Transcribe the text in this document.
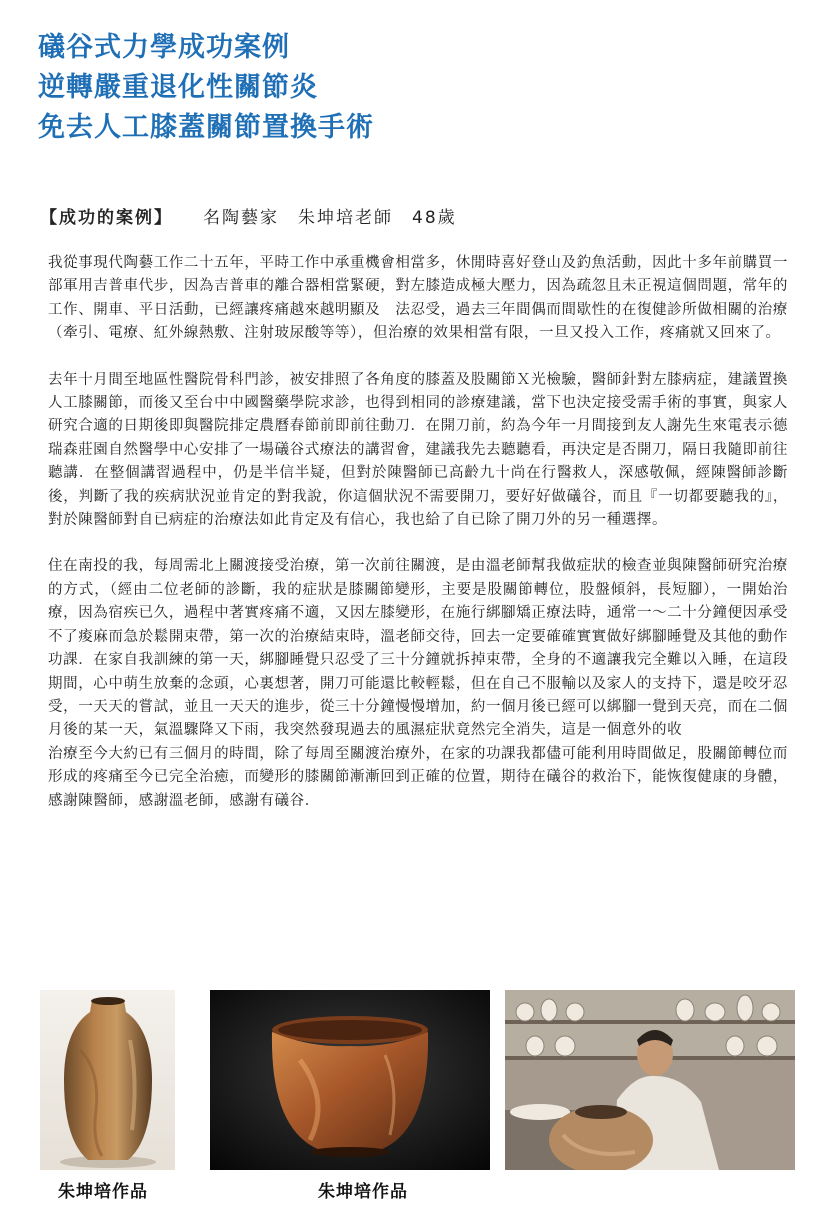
礒谷式力學成功案例
逆轉嚴重退化性關節炎
免去人工膝蓋關節置換手術
【成功的案例】 名陶藝家　朱坤培老師　48歲

我從事現代陶藝工作二十五年，平時工作中承重機會相當多，休閒時喜好登山及釣魚活動，因此十多年前購買一部軍用吉普車代步，因為吉普車的離合器相當緊硬，對左膝造成極大壓力，因為疏忽且未正視這個問題，常年的工作、開車、平日活動，已經讓疼痛越來越明顯及　法忍受，過去三年間偶而間歇性的在復健診所做相關的治療（牽引、電療、紅外線熱敷、注射玻尿酸等等），但治療的效果相當有限，一旦又投入工作，疼痛就又回來了。

去年十月間至地區性醫院骨科門診，被安排照了各角度的膝蓋及股關節Ｘ光檢驗，醫師針對左膝病症，建議置換人工膝關節，而後又至台中中國醫藥學院求診，也得到相同的診療建議，當下也決定接受需手術的事實，與家人研究合適的日期後即與醫院排定農曆春節前即前往動刀．在開刀前，約為今年一月間接到友人謝先生來電表示德瑞森莊園自然醫學中心安排了一場礒谷式療法的講習會，建議我先去聽聽看，再決定是否開刀，隔日我隨即前往聽講．在整個講習過程中，仍是半信半疑，但對於陳醫師已高齡九十尚在行醫救人，深感敬佩，經陳醫師診斷後，判斷了我的疾病狀況並肯定的對我說，你這個狀況不需要開刀，要好好做礒谷，而且『一切都要聽我的』，對於陳醫師對自已病症的治療法如此肯定及有信心，我也給了自已除了開刀外的另一種選擇。

住在南投的我，每周需北上關渡接受治療，第一次前往關渡，是由溫老師幫我做症狀的檢查並與陳醫師研究治療的方式，（經由二位老師的診斷，我的症狀是膝關節變形，主要是股關節轉位，股盤傾斜，長短腳），一開始治療，因為宿疾已久，過程中著實疼痛不適，又因左膝變形，在施行綁腳矯正療法時，通常一～二十分鐘便因承受不了痠麻而急於鬆開束帶，第一次的治療結束時，溫老師交待，回去一定要確確實實做好綁腳睡覺及其他的動作功課．在家自我訓練的第一天，綁腳睡覺只忍受了三十分鐘就拆掉束帶，全身的不適讓我完全難以入睡，在這段期間，心中萌生放棄的念頭，心裏想著，開刀可能還比較輕鬆，但在自己不服輸以及家人的支持下，還是咬牙忍受，一天天的嘗試，並且一天天的進步，從三十分鐘慢慢增加，約一個月後已經可以綁腳一覺到天亮，而在二個月後的某一天，氣溫驟降又下雨，我突然發現過去的風濕症狀竟然完全消失，這是一個意外的收

治療至今大約已有三個月的時間，除了每周至關渡治療外，在家的功課我都儘可能利用時間做足，股關節轉位而形成的疼痛至今已完全治癒，而變形的膝關節漸漸回到正確的位置，期待在礒谷的救治下，能恢復健康的身體，感謝陳醫師，感謝溫老師，感謝有礒谷．

朱坤培作品	朱坤培作品
